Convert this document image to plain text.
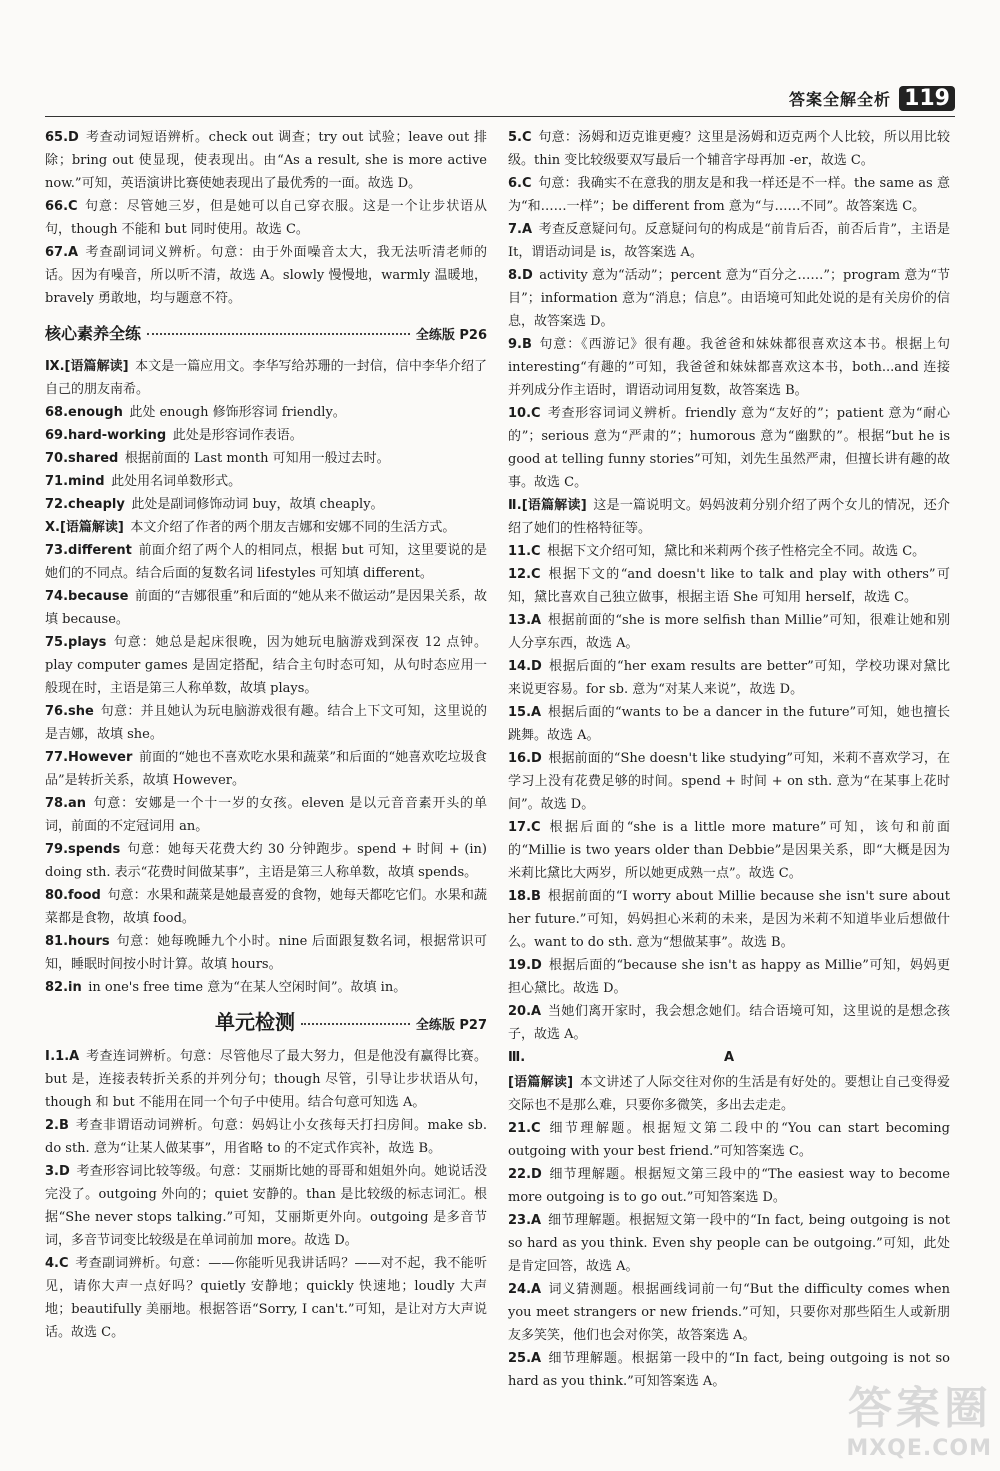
答案全解全析 119

65.D  考查动词短语辨析。check out 调查；try out 试验；leave out 排除；bring out 使显现，使表现出。由“As a result, she is more active now.”可知，英语演讲比赛使她表现出了最优秀的一面。故选 D。

66.C  句意：尽管她三岁，但是她可以自己穿衣服。这是一个让步状语从句，though 不能和 but 同时使用。故选 C。

67.A  考查副词词义辨析。句意：由于外面噪音太大，我无法听清老师的话。因为有噪音，所以听不清，故选 A。slowly 慢慢地，warmly 温暖地，bravely 勇敢地，均与题意不符。

核心素养全练	全练版 P26

Ⅸ.[语篇解读]  本文是一篇应用文。李华写给苏珊的一封信，信中李华介绍了自己的朋友南希。

68.enough  此处 enough 修饰形容词 friendly。

69.hard-working  此处是形容词作表语。

70.shared  根据前面的 Last month 可知用一般过去时。

71.mind  此处用名词单数形式。

72.cheaply  此处是副词修饰动词 buy，故填 cheaply。

Ⅹ.[语篇解读]  本文介绍了作者的两个朋友吉娜和安娜不同的生活方式。

73.different  前面介绍了两个人的相同点，根据 but 可知，这里要说的是她们的不同点。结合后面的复数名词 lifestyles 可知填 different。

74.because  前面的“吉娜很重”和后面的“她从来不做运动”是因果关系，故填 because。

75.plays  句意：她总是起床很晚，因为她玩电脑游戏到深夜 12 点钟。play computer games 是固定搭配，结合主句时态可知，从句时态应用一般现在时，主语是第三人称单数，故填 plays。

76.she  句意：并且她认为玩电脑游戏很有趣。结合上下文可知，这里说的是吉娜，故填 she。

77.However  前面的“她也不喜欢吃水果和蔬菜”和后面的“她喜欢吃垃圾食品”是转折关系，故填 However。

78.an  句意：安娜是一个十一岁的女孩。eleven 是以元音音素开头的单词，前面的不定冠词用 an。

79.spends  句意：她每天花费大约 30 分钟跑步。spend + 时间 + (in) doing sth. 表示“花费时间做某事”，主语是第三人称单数，故填 spends。

80.food  句意：水果和蔬菜是她最喜爱的食物，她每天都吃它们。水果和蔬菜都是食物，故填 food。

81.hours  句意：她每晚睡九个小时。nine 后面跟复数名词，根据常识可知，睡眠时间按小时计算。故填 hours。

82.in  in one's free time 意为“在某人空闲时间”。故填 in。

单元检测	全练版 P27

Ⅰ.1.A  考查连词辨析。句意：尽管他尽了最大努力，但是他没有赢得比赛。but 是，连接表转折关系的并列分句；though 尽管，引导让步状语从句，though 和 but 不能用在同一个句子中使用。结合句意可知选 A。

2.B  考查非谓语动词辨析。句意：妈妈让小女孩每天打扫房间。make sb. do sth. 意为“让某人做某事”，用省略 to 的不定式作宾补，故选 B。

3.D  考查形容词比较等级。句意：艾丽斯比她的哥哥和姐姐外向。她说话没完没了。outgoing 外向的；quiet 安静的。than 是比较级的标志词汇。根据“She never stops talking.”可知，艾丽斯更外向。outgoing 是多音节词，多音节词变比较级是在单词前加 more。故选 D。

4.C  考查副词辨析。句意：——你能听见我讲话吗？——对不起，我不能听见，请你大声一点好吗？quietly 安静地；quickly 快速地；loudly 大声地；beautifully 美丽地。根据答语“Sorry, I can't.”可知，是让对方大声说话。故选 C。

5.C  句意：汤姆和迈克谁更瘦？这里是汤姆和迈克两个人比较，所以用比较级。thin 变比较级要双写最后一个辅音字母再加 -er，故选 C。

6.C  句意：我确实不在意我的朋友是和我一样还是不一样。the same as 意为“和……一样”；be different from 意为“与……不同”。故答案选 C。

7.A  考查反意疑问句。反意疑问句的构成是“前肯后否，前否后肯”，主语是 It，谓语动词是 is，故答案选 A。

8.D  activity 意为“活动”；percent 意为“百分之……”；program 意为“节目”；information 意为“消息；信息”。由语境可知此处说的是有关房价的信息，故答案选 D。

9.B  句意：《西游记》很有趣。我爸爸和妹妹都很喜欢这本书。根据上句 interesting“有趣的”可知，我爸爸和妹妹都喜欢这本书，both...and 连接并列成分作主语时，谓语动词用复数，故答案选 B。

10.C  考查形容词词义辨析。friendly 意为“友好的”；patient 意为“耐心的”；serious 意为“严肃的”；humorous 意为“幽默的”。根据“but he is good at telling funny stories”可知，刘先生虽然严肃，但擅长讲有趣的故事。故选 C。

Ⅱ.[语篇解读]  这是一篇说明文。妈妈波莉分别介绍了两个女儿的情况，还介绍了她们的性格特征等。

11.C  根据下文介绍可知，黛比和米莉两个孩子性格完全不同。故选 C。

12.C  根据下文的“and doesn't like to talk and play with others”可知，黛比喜欢自己独立做事，根据主语 She 可知用 herself，故选 C。

13.A  根据前面的“she is more selfish than Millie”可知，很难让她和别人分享东西，故选 A。

14.D  根据后面的“her exam results are better”可知，学校功课对黛比来说更容易。for sb. 意为“对某人来说”，故选 D。

15.A  根据后面的“wants to be a dancer in the future”可知，她也擅长跳舞。故选 A。

16.D  根据前面的“She doesn't like studying”可知，米莉不喜欢学习，在学习上没有花费足够的时间。spend + 时间 + on sth. 意为“在某事上花时间”。故选 D。

17.C  根据后面的“she is a little more mature”可知，该句和前面的“Millie is two years older than Debbie”是因果关系，即“大概是因为米莉比黛比大两岁，所以她更成熟一点”。故选 C。

18.B  根据前面的“I worry about Millie because she isn't sure about her future.”可知，妈妈担心米莉的未来，是因为米莉不知道毕业后想做什么。want to do sth. 意为“想做某事”。故选 B。

19.D  根据后面的“because she isn't as happy as Millie”可知，妈妈更担心黛比。故选 D。

20.A  当她们离开家时，我会想念她们。结合语境可知，这里说的是想念孩子，故选 A。

Ⅲ.	A

[语篇解读]  本文讲述了人际交往对你的生活是有好处的。要想让自己变得爱交际也不是那么难，只要你多微笑，多出去走走。

21.C  细节理解题。根据短文第二段中的“You can start becoming outgoing with your best friend.”可知答案选 C。

22.D  细节理解题。根据短文第三段中的“The easiest way to become more outgoing is to go out.”可知答案选 D。

23.A  细节理解题。根据短文第一段中的“In fact, being outgoing is not so hard as you think. Even shy people can be outgoing.”可知，此处是肯定回答，故选 A。

24.A  词义猜测题。根据画线词前一句“But the difficulty comes when you meet strangers or new friends.”可知，只要你对那些陌生人或新朋友多笑笑，他们也会对你笑，故答案选 A。

25.A  细节理解题。根据第一段中的“In fact, being outgoing is not so hard as you think.”可知答案选 A。

答案圈
MXQE.COM
